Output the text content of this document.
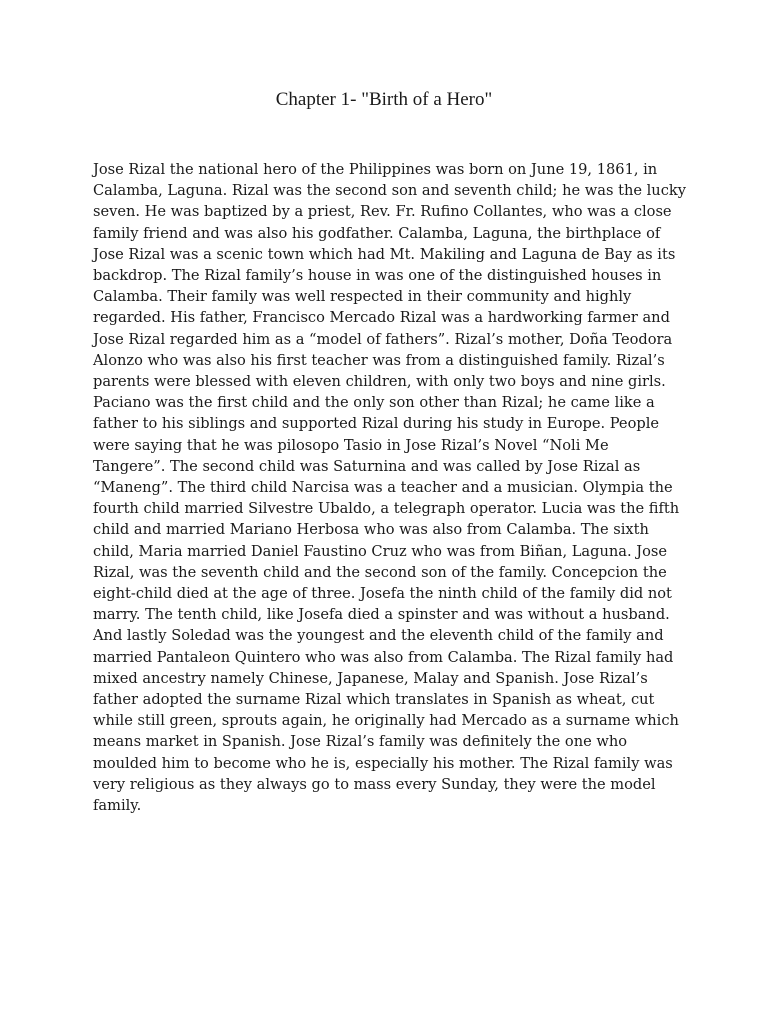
Chapter 1- "Birth of a Hero"
Jose Rizal the national hero of the Philippines was born on June 19, 1861, in
Calamba, Laguna. Rizal was the second son and seventh child; he was the lucky
seven. He was baptized by a priest, Rev. Fr. Rufino Collantes, who was a close
family friend and was also his godfather. Calamba, Laguna, the birthplace of
Jose Rizal was a scenic town which had Mt. Makiling and Laguna de Bay as its
backdrop. The Rizal family’s house in was one of the distinguished houses in
Calamba. Their family was well respected in their community and highly
regarded. His father, Francisco Mercado Rizal was a hardworking farmer and
Jose Rizal regarded him as a “model of fathers”. Rizal’s mother, Doña Teodora
Alonzo who was also his first teacher was from a distinguished family. Rizal’s
parents were blessed with eleven children, with only two boys and nine girls.
Paciano was the first child and the only son other than Rizal; he came like a
father to his siblings and supported Rizal during his study in Europe. People
were saying that he was pilosopo Tasio in Jose Rizal’s Novel “Noli Me
Tangere”. The second child was Saturnina and was called by Jose Rizal as
“Maneng”. The third child Narcisa was a teacher and a musician. Olympia the
fourth child married Silvestre Ubaldo, a telegraph operator. Lucia was the fifth
child and married Mariano Herbosa who was also from Calamba. The sixth
child, Maria married Daniel Faustino Cruz who was from Biñan, Laguna. Jose
Rizal, was the seventh child and the second son of the family. Concepcion the
eight-child died at the age of three. Josefa the ninth child of the family did not
marry. The tenth child, like Josefa died a spinster and was without a husband.
And lastly Soledad was the youngest and the eleventh child of the family and
married Pantaleon Quintero who was also from Calamba. The Rizal family had
mixed ancestry namely Chinese, Japanese, Malay and Spanish. Jose Rizal’s
father adopted the surname Rizal which translates in Spanish as wheat, cut
while still green, sprouts again, he originally had Mercado as a surname which
means market in Spanish. Jose Rizal’s family was definitely the one who
moulded him to become who he is, especially his mother. The Rizal family was
very religious as they always go to mass every Sunday, they were the model
family.
